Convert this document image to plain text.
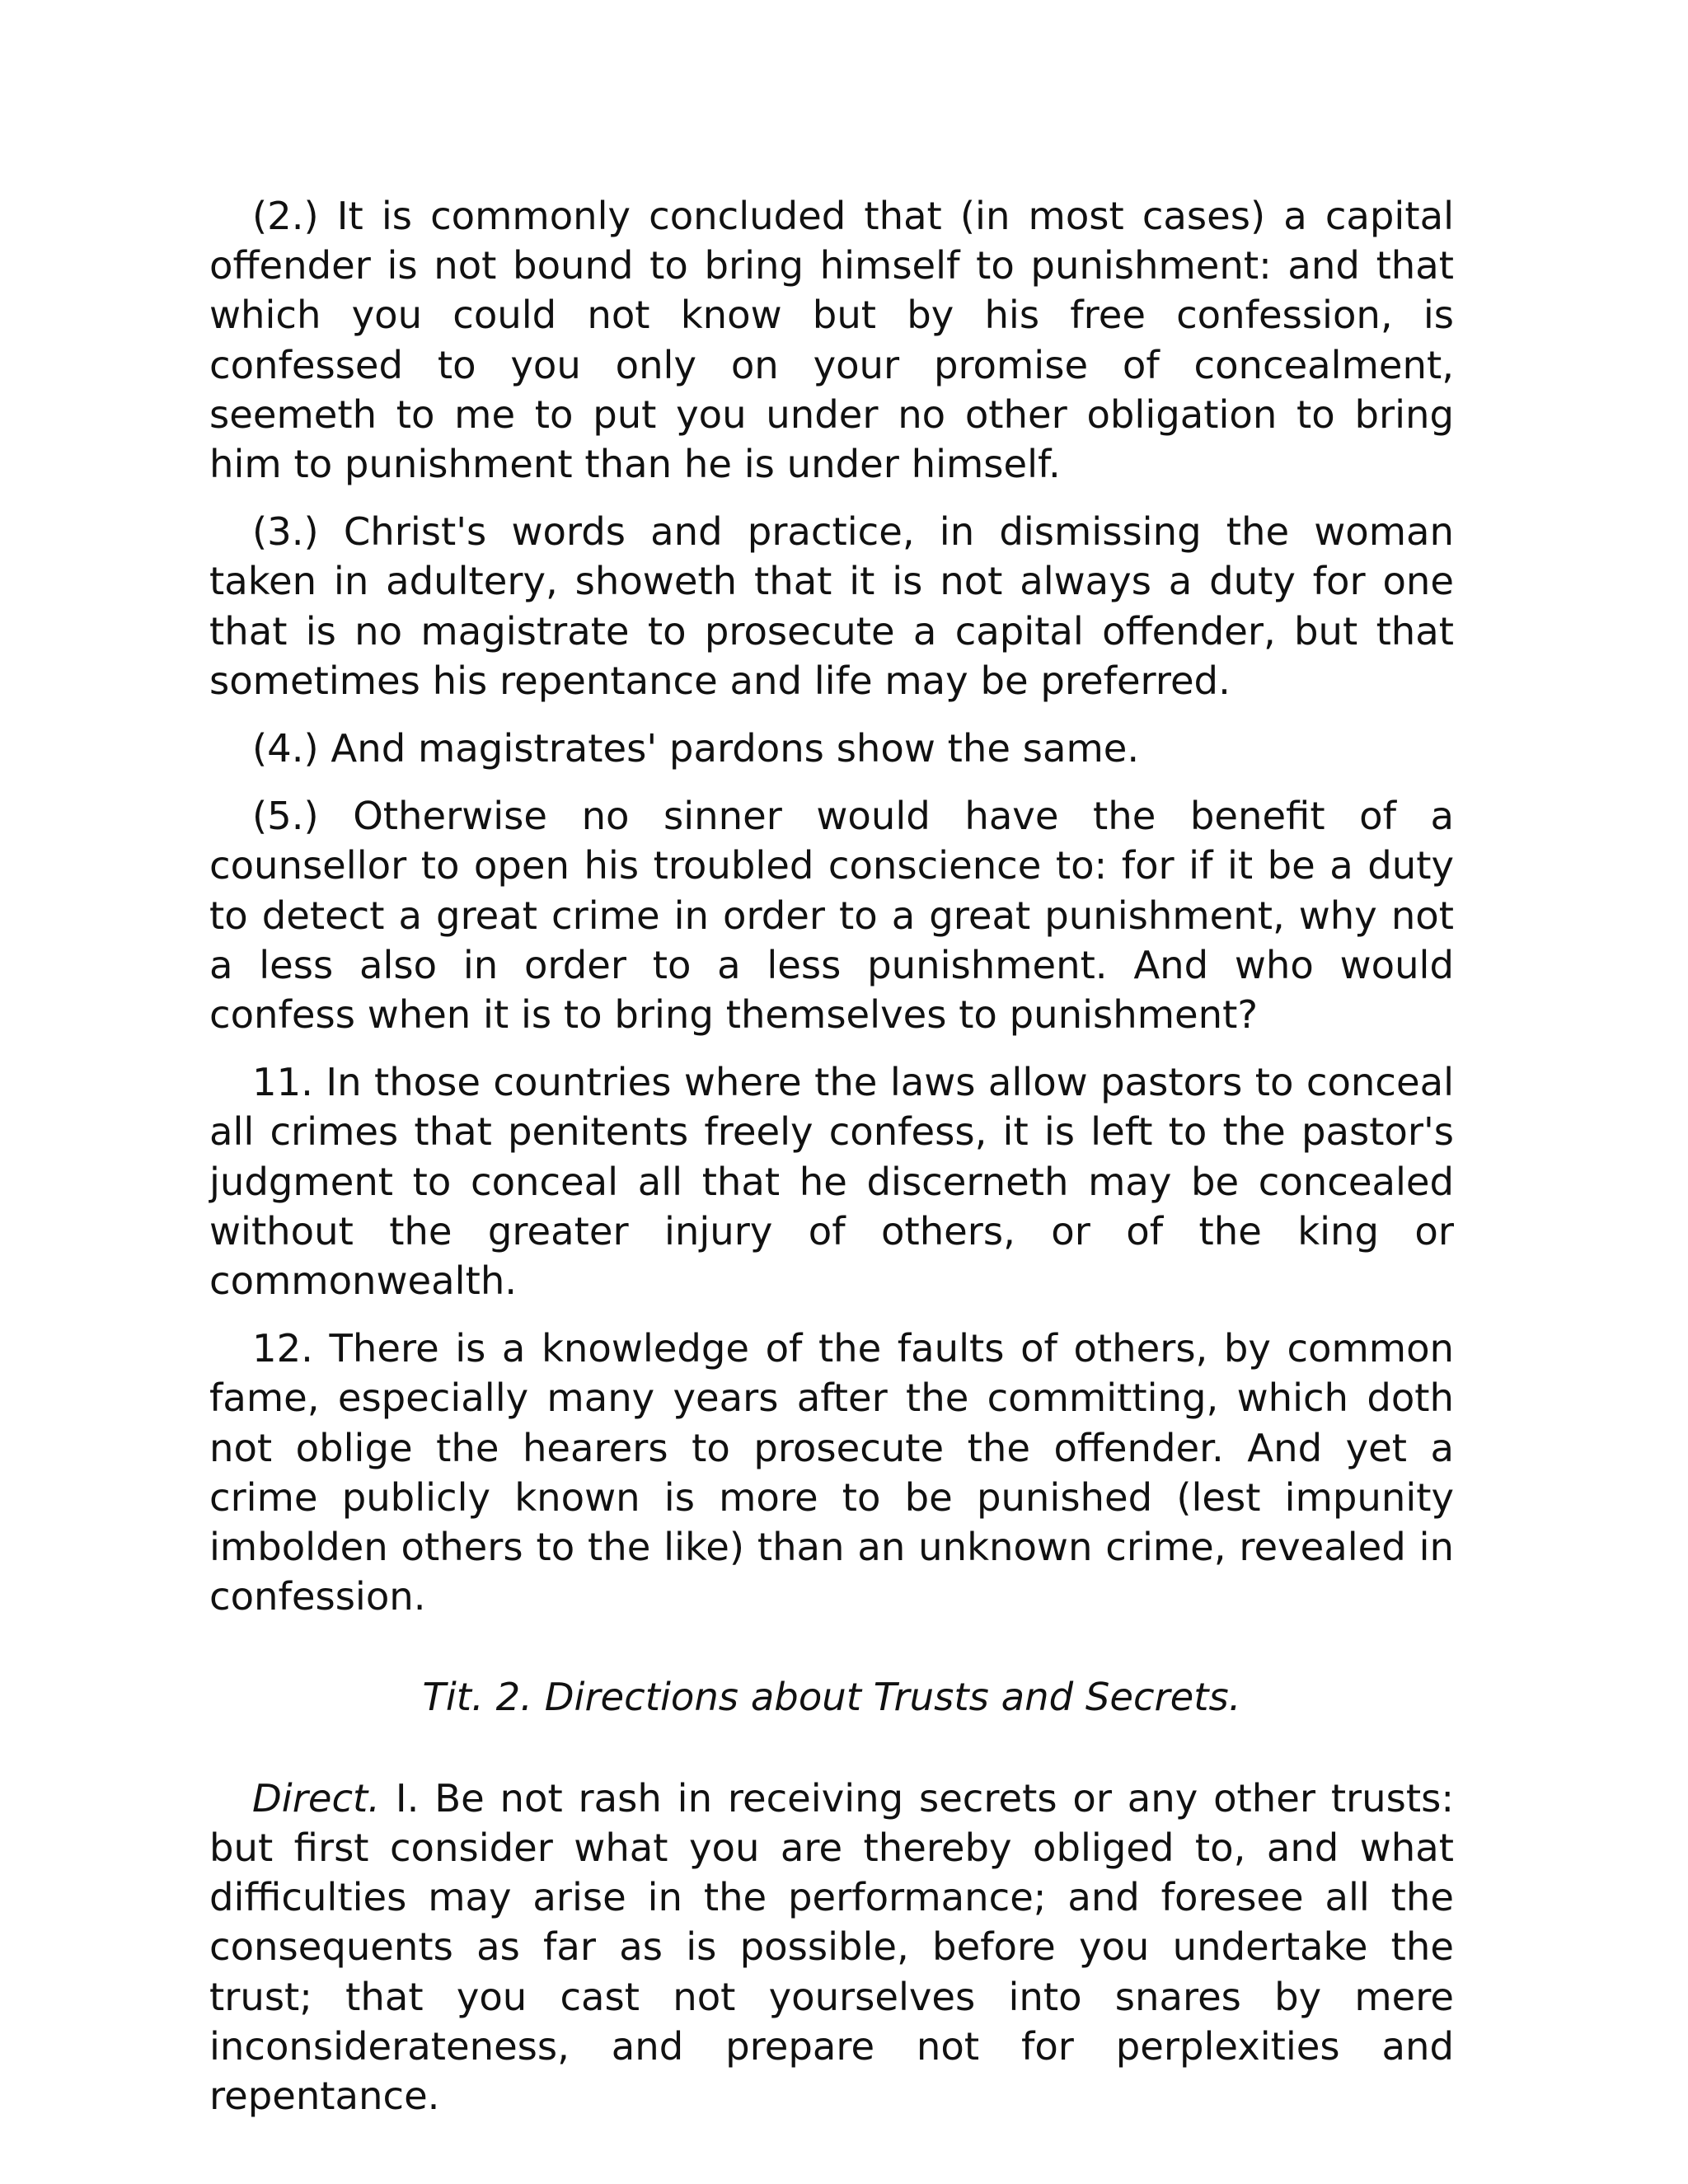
(2.) It is commonly concluded that (in most cases) a capital offender is not bound to bring himself to punishment: and that which you could not know but by his free confession, is confessed to you only on your promise of concealment, seemeth to me to put you under no other obligation to bring him to punishment than he is under himself.

(3.) Christ's words and practice, in dismissing the woman taken in adultery, showeth that it is not always a duty for one that is no magistrate to prosecute a capital offender, but that sometimes his repentance and life may be preferred.

(4.) And magistrates' pardons show the same.

(5.) Otherwise no sinner would have the benefit of a counsellor to open his troubled conscience to: for if it be a duty to detect a great crime in order to a great punishment, why not a less also in order to a less punishment. And who would confess when it is to bring themselves to punishment?

11. In those countries where the laws allow pastors to conceal all crimes that penitents freely confess, it is left to the pastor's judgment to conceal all that he discerneth may be concealed without the greater injury of others, or of the king or commonwealth.

12. There is a knowledge of the faults of others, by common fame, especially many years after the committing, which doth not oblige the hearers to prosecute the offender. And yet a crime publicly known is more to be punished (lest impunity imbolden others to the like) than an unknown crime, revealed in confession.

Tit. 2. Directions about Trusts and Secrets.

Direct. I. Be not rash in receiving secrets or any other trusts: but first consider what you are thereby obliged to, and what difficulties may arise in the performance; and foresee all the consequents as far as is possible, before you undertake the trust; that you cast not yourselves into snares by mere inconsiderateness, and prepare not for perplexities and repentance.
